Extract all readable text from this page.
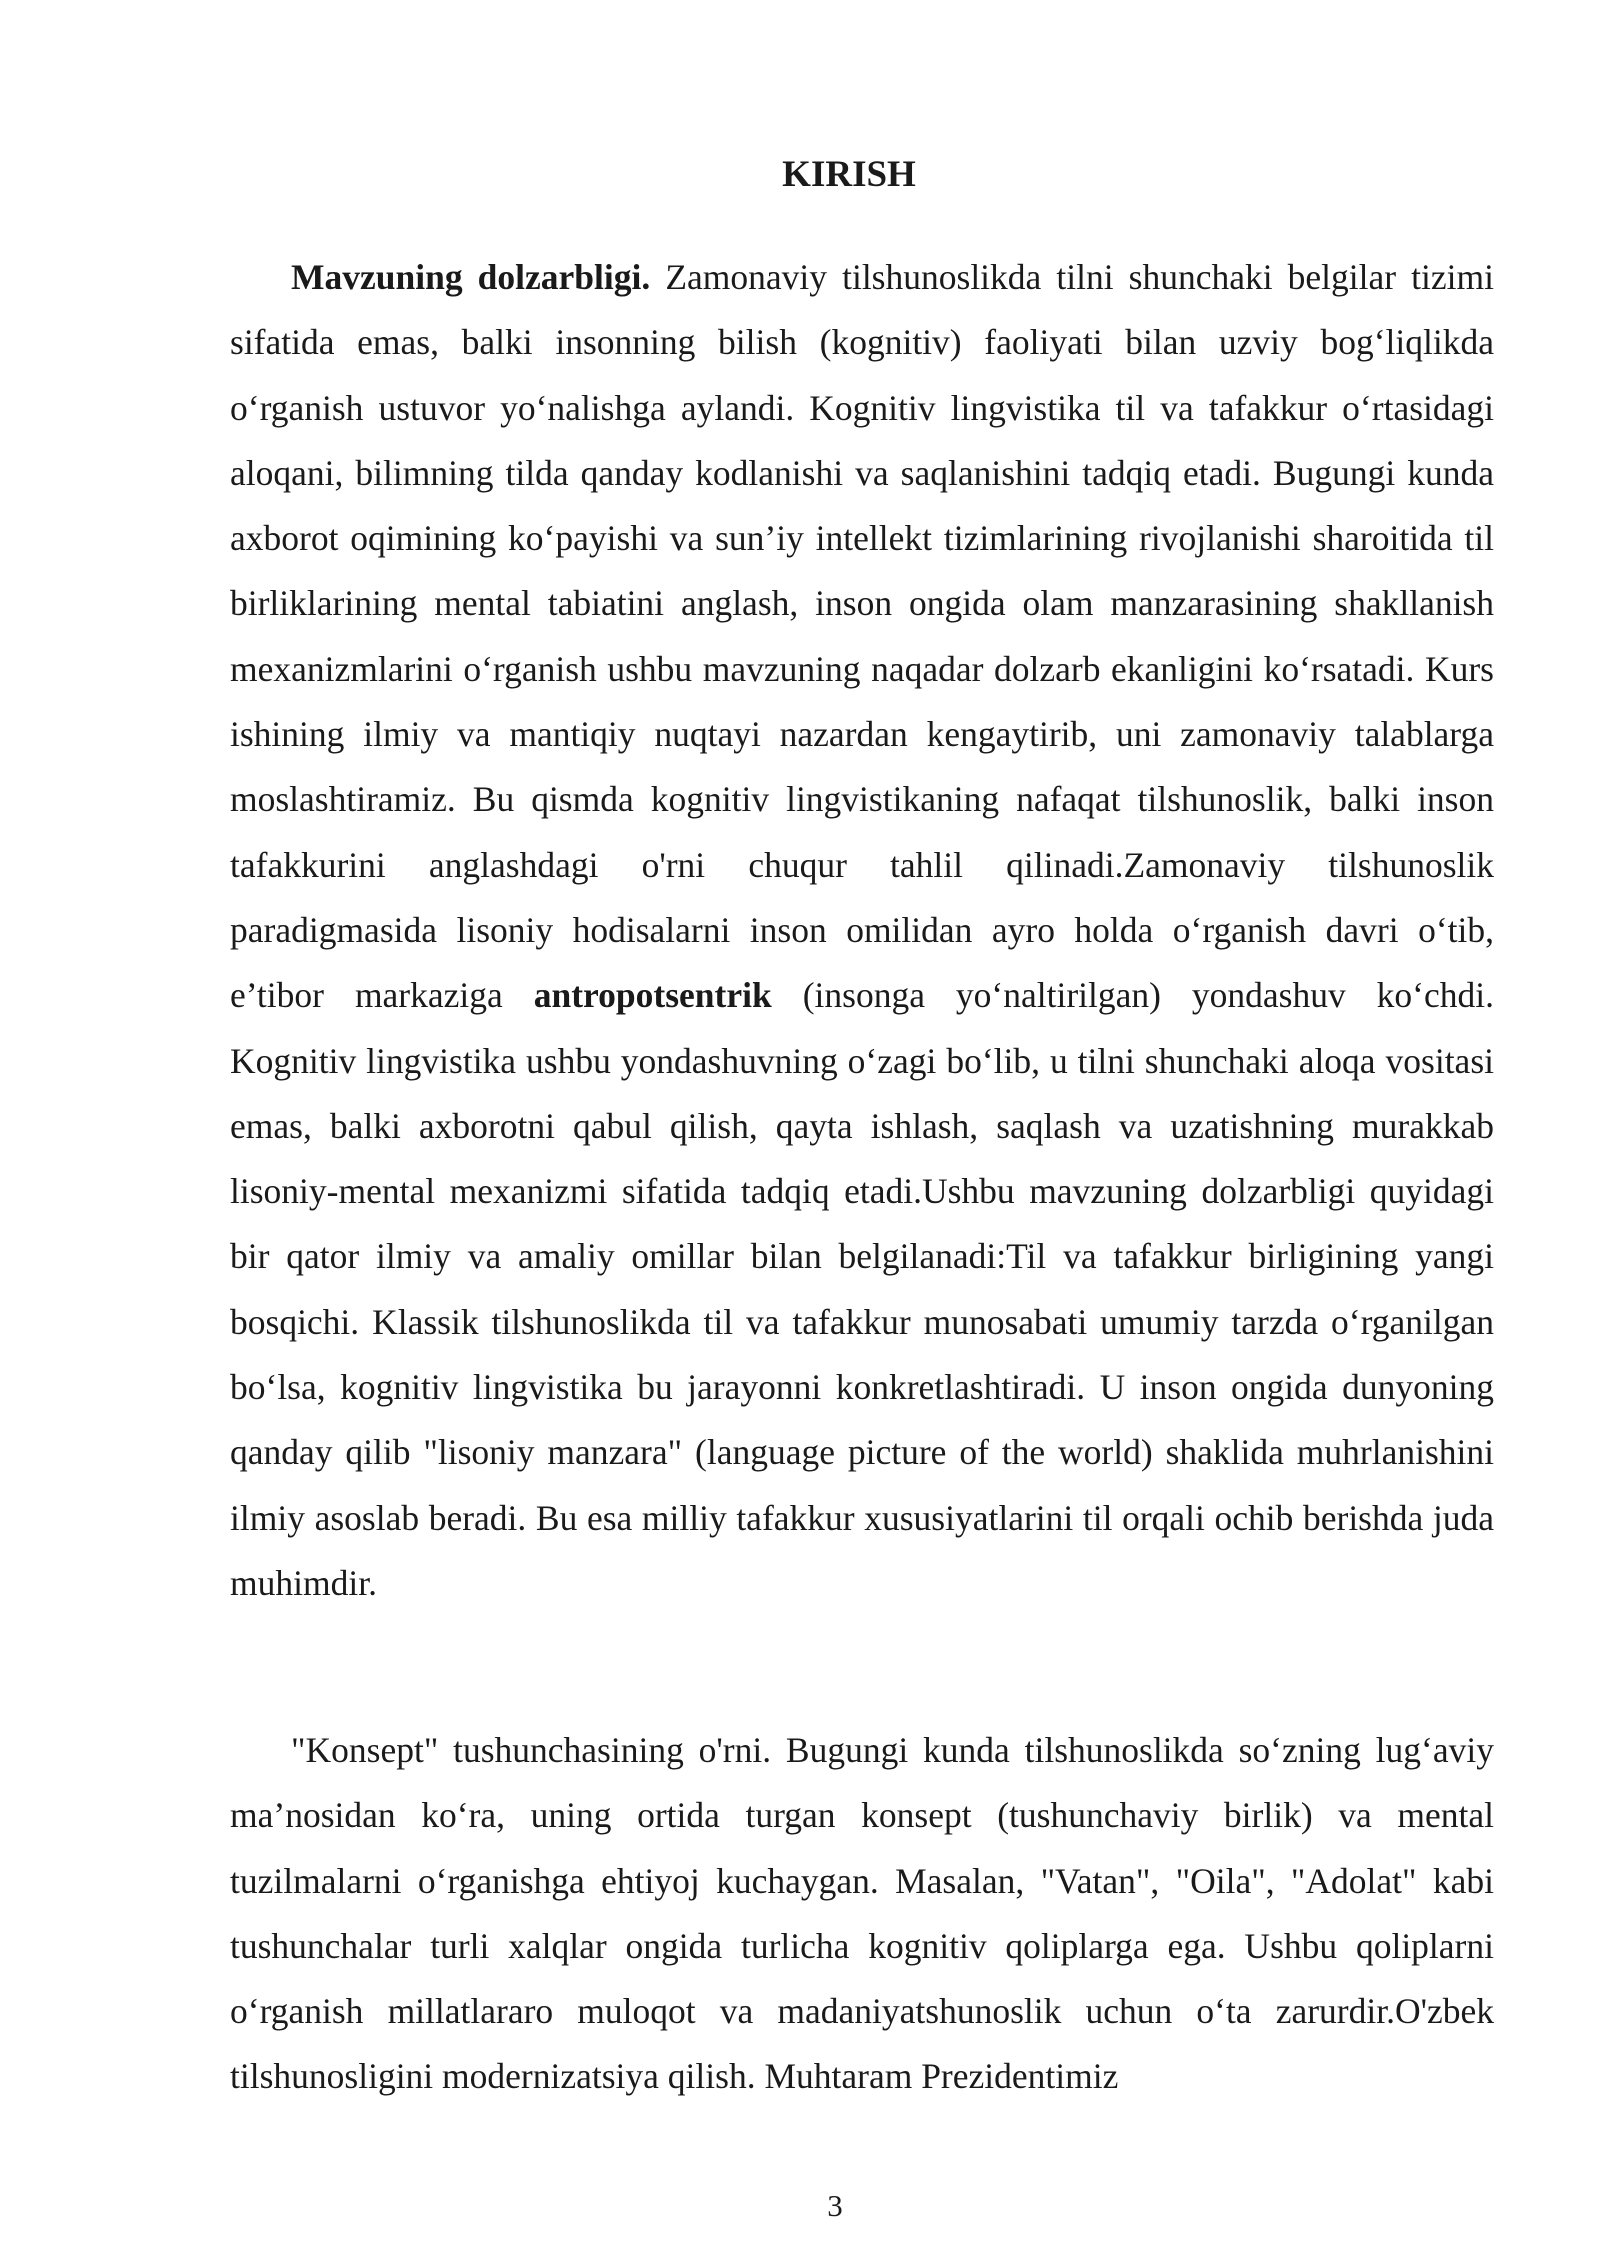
KIRISH

Mavzuning dolzarbligi. Zamonaviy tilshunoslikda tilni shunchaki belgilar tizimi sifatida emas, balki insonning bilish (kognitiv) faoliyati bilan uzviy bog‘liqlikda o‘rganish ustuvor yo‘nalishga aylandi. Kognitiv lingvistika til va tafakkur o‘rtasidagi aloqani, bilimning tilda qanday kodlanishi va saqlanishini tadqiq etadi. Bugungi kunda axborot oqimining ko‘payishi va sun’iy intellekt tizimlarining rivojlanishi sharoitida til birliklarining mental tabiatini anglash, inson ongida olam manzarasining shakllanish mexanizmlarini o‘rganish ushbu mavzuning naqadar dolzarb ekanligini ko‘rsatadi. Kurs ishining ilmiy va mantiqiy nuqtayi nazardan kengaytirib, uni zamonaviy talablarga moslashtiramiz. Bu qismda kognitiv lingvistikaning nafaqat tilshunoslik, balki inson tafakkurini anglashdagi o'rni chuqur tahlil qilinadi.Zamonaviy tilshunoslik paradigmasida lisoniy hodisalarni inson omilidan ayro holda o‘rganish davri o‘tib, e’tibor markaziga antropotsentrik (insonga yo‘naltirilgan) yondashuv ko‘chdi. Kognitiv lingvistika ushbu yondashuvning o‘zagi bo‘lib, u tilni shunchaki aloqa vositasi emas, balki axborotni qabul qilish, qayta ishlash, saqlash va uzatishning murakkab lisoniy-mental mexanizmi sifatida tadqiq etadi.Ushbu mavzuning dolzarbligi quyidagi bir qator ilmiy va amaliy omillar bilan belgilanadi:Til va tafakkur birligining yangi bosqichi. Klassik tilshunoslikda til va tafakkur munosabati umumiy tarzda o‘rganilgan bo‘lsa, kognitiv lingvistika bu jarayonni konkretlashtiradi. U inson ongida dunyoning qanday qilib "lisoniy manzara" (language picture of the world) shaklida muhrlanishini ilmiy asoslab beradi. Bu esa milliy tafakkur xususiyatlarini til orqali ochib berishda juda muhimdir.

"Konsept" tushunchasining o'rni. Bugungi kunda tilshunoslikda so‘zning lug‘aviy ma’nosidan ko‘ra, uning ortida turgan konsept (tushunchaviy birlik) va mental tuzilmalarni o‘rganishga ehtiyoj kuchaygan. Masalan, "Vatan", "Oila", "Adolat" kabi tushunchalar turli xalqlar ongida turlicha kognitiv qoliplarga ega. Ushbu qoliplarni o‘rganish millatlararo muloqot va madaniyatshunoslik uchun o‘ta zarurdir.O'zbek tilshunosligini modernizatsiya qilish. Muhtaram Prezidentimiz

3
